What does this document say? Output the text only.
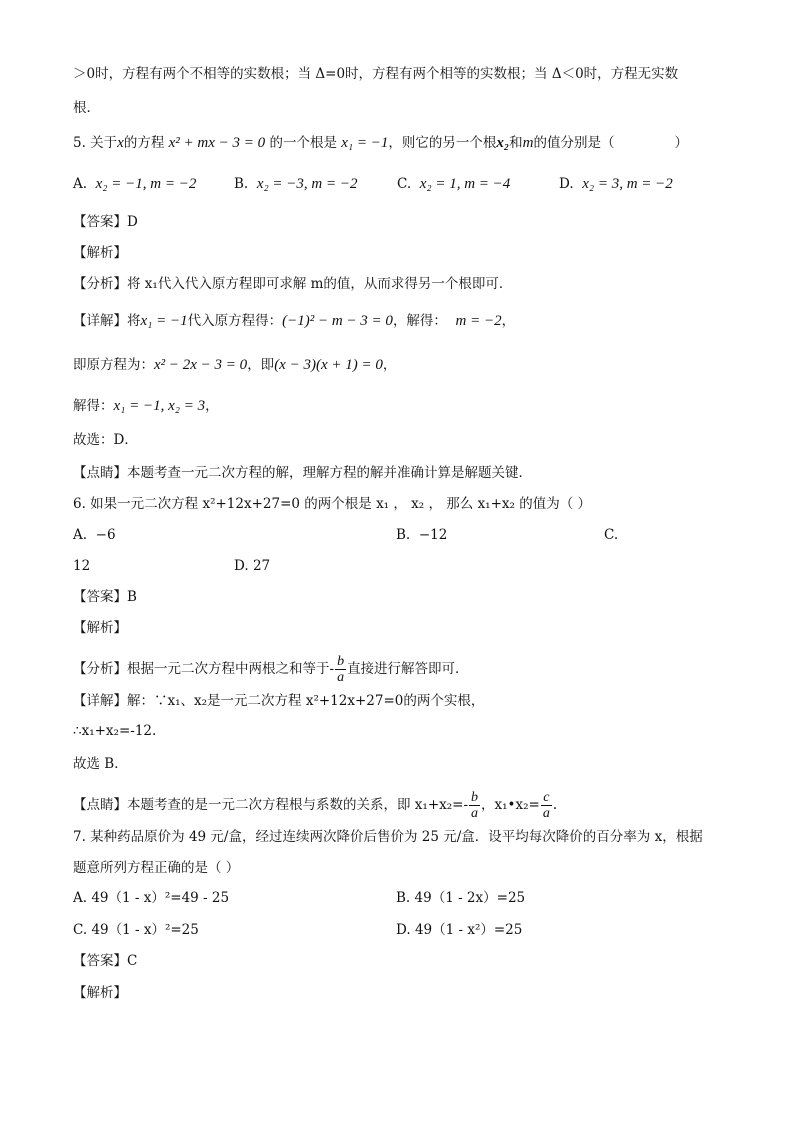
＞0时，方程有两个不相等的实数根；当 Δ=0时，方程有两个相等的实数根；当 Δ＜0时，方程无实数
根．
5. 关于x的方程 x² + mx − 3 = 0 的一个根是 x₁ = −1，则它的另一个根x₂和m的值分别是（	）
A. x₂ = −1, m = −2	B. x₂ = −3, m = −2	C. x₂ = 1, m = −4	D. x₂ = 3, m = −2
【答案】D
【解析】
【分析】将 x₁代入代入原方程即可求解 m的值，从而求得另一个根即可．
【详解】将x₁ = −1代入原方程得：(−1)² − m − 3 = 0，解得： m = −2，
即原方程为：x² − 2x − 3 = 0，即(x − 3)(x + 1) = 0，
解得：x₁ = −1, x₂ = 3，
故选：D．
【点睛】本题考查一元二次方程的解，理解方程的解并准确计算是解题关键．
6. 如果一元二次方程 x²+12x+27=0 的两个根是 x₁ ， x₂ ， 那么 x₁+x₂ 的值为（ ）
A. −6	B. −12	C.
12	D. 27
【答案】B
【解析】
【分析】根据一元二次方程中两根之和等于- $\frac{b}{a}$ 直接进行解答即可．
【详解】解：∵x₁、x₂是一元二次方程 x²+12x+27=0的两个实根，
∴x₁+x₂=-12.
故选 B．
【点睛】本题考查的是一元二次方程根与系数的关系，即 $x_1+x_2=- \frac{b}{a}$ ，x₁•x₂= $\frac{c}{a}$ .
7. 某种药品原价为 49 元/盒，经过连续两次降价后售价为 25 元/盒．设平均每次降价的百分率为 x，根据
题意所列方程正确的是（ ）
A. 49（1 - x）²=49 - 25	B. 49（1 - 2x）=25
C. 49（1 - x）²=25	D. 49（1 - x²）=25
【答案】C
【解析】
